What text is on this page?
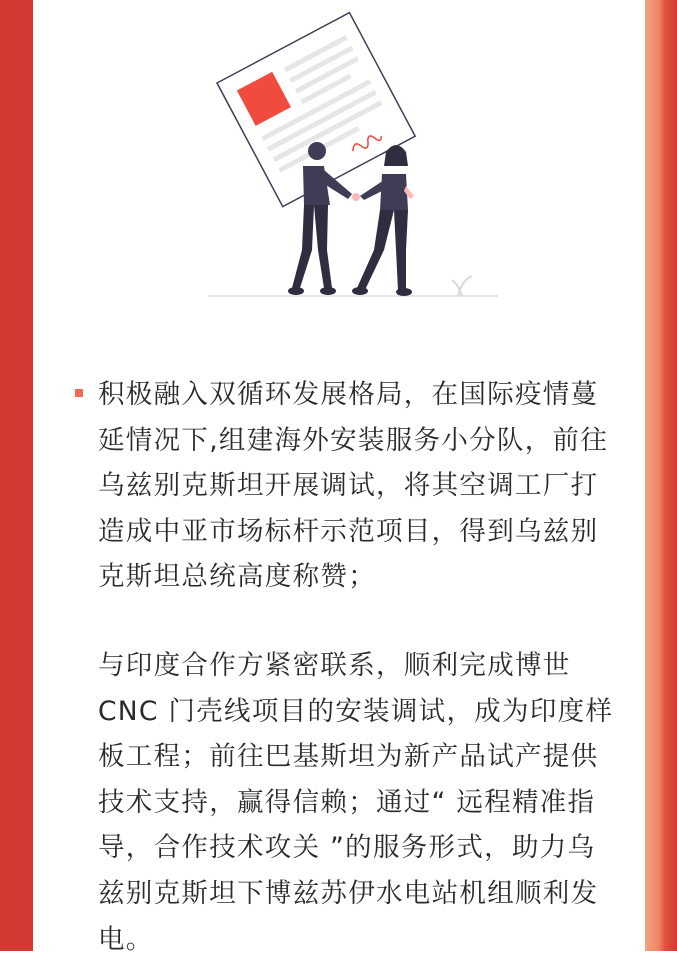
积极融入双循环发展格局，在国际疫情蔓延情况下,组建海外安装服务小分队，前往乌兹别克斯坦开展调试，将其空调工厂打造成中亚市场标杆示范项目，得到乌兹别克斯坦总统高度称赞；

与印度合作方紧密联系，顺利完成博世CNC 门壳线项目的安装调试，成为印度样板工程；前往巴基斯坦为新产品试产提供技术支持，赢得信赖；通过“ 远程精准指导，合作技术攻关 ”的服务形式，助力乌兹别克斯坦下博兹苏伊水电站机组顺利发电。
